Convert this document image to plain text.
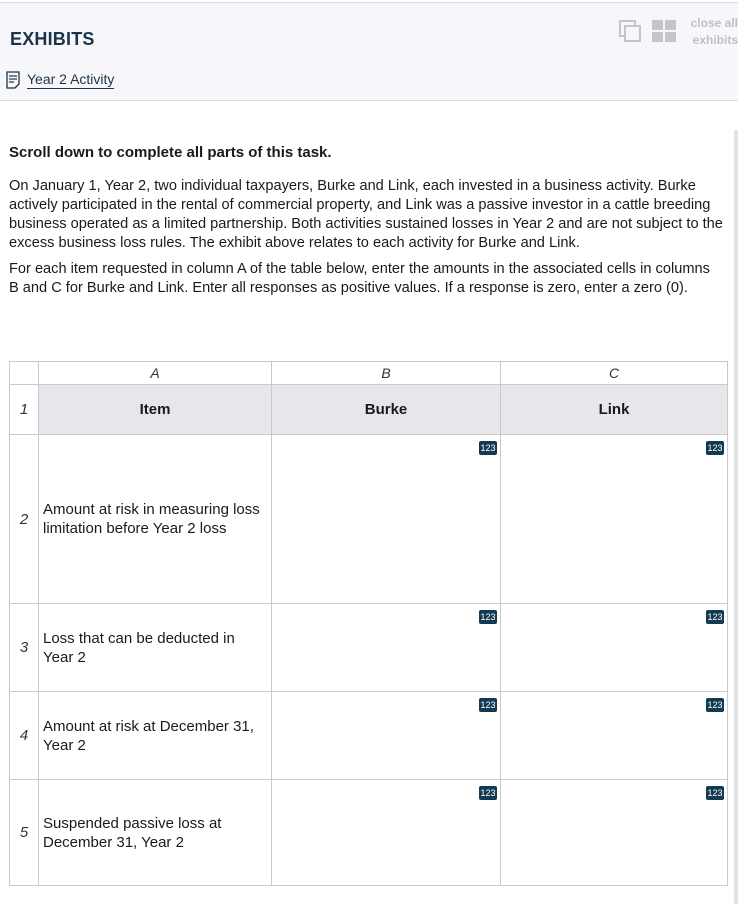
EXHIBITS
close all exhibits
Year 2 Activity
Scroll down to complete all parts of this task.

On January 1, Year 2, two individual taxpayers, Burke and Link, each invested in a business activity. Burke actively participated in the rental of commercial property, and Link was a passive investor in a cattle breeding business operated as a limited partnership. Both activities sustained losses in Year 2 and are not subject to the excess business loss rules. The exhibit above relates to each activity for Burke and Link.

For each item requested in column A of the table below, enter the amounts in the associated cells in columns B and C for Burke and Link. Enter all responses as positive values. If a response is zero, enter a zero (0).

	A	B	C
1	Item	Burke	Link
2	Amount at risk in measuring loss limitation before Year 2 loss	123	123

3	Loss that can be deducted in Year 2	123	123

4	Amount at risk at December 31, Year 2	123	123

5	Suspended passive loss at December 31, Year 2	123	123
